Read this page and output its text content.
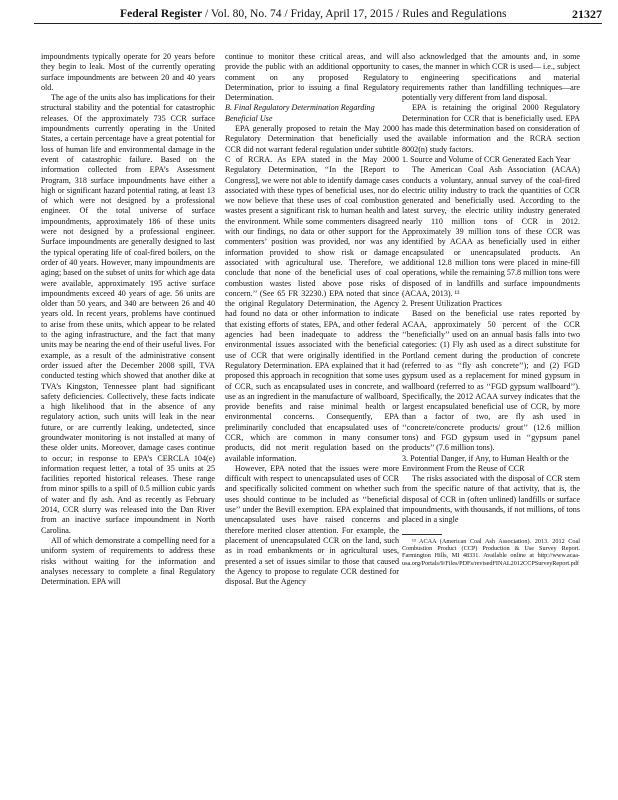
Federal Register / Vol. 80, No. 74 / Friday, April 17, 2015 / Rules and Regulations	21327

impoundments typically operate for 20 years before they begin to leak. Most of the currently operating surface impoundments are between 20 and 40 years old.

The age of the units also has implications for their structural stability and the potential for catastrophic releases. Of the approximately 735 CCR surface impoundments currently operating in the United States, a certain percentage have a great potential for loss of human life and environmental damage in the event of catastrophic failure. Based on the information collected from EPA’s Assessment Program, 318 surface impoundments have either a high or significant hazard potential rating, at least 13 of which were not designed by a professional engineer. Of the total universe of surface impoundments, approximately 186 of these units were not designed by a professional engineer. Surface impoundments are generally designed to last the typical operating life of coal-fired boilers, on the order of 40 years. However, many impoundments are aging; based on the subset of units for which age data were available, approximately 195 active surface impoundments exceed 40 years of age. 56 units are older than 50 years, and 340 are between 26 and 40 years old. In recent years, problems have continued to arise from these units, which appear to be related to the aging infrastructure, and the fact that many units may be nearing the end of their useful lives. For example, as a result of the administrative consent order issued after the December 2008 spill, TVA conducted testing which showed that another dike at TVA’s Kingston, Tennessee plant had significant safety deficiencies. Collectively, these facts indicate a high likelihood that in the absence of any regulatory action, such units will leak in the near future, or are currently leaking, undetected, since groundwater monitoring is not installed at many of these older units. Moreover, damage cases continue to occur; in response to EPA’s CERCLA 104(e) information request letter, a total of 35 units at 25 facilities reported historical releases. These range from minor spills to a spill of 0.5 million cubic yards of water and fly ash. And as recently as February 2014, CCR slurry was released into the Dan River from an inactive surface impoundment in North Carolina.

All of which demonstrate a compelling need for a uniform system of requirements to address these risks without waiting for the information and analyses necessary to complete a final Regulatory Determination. EPA will

continue to monitor these critical areas, and will provide the public with an additional opportunity to comment on any proposed Regulatory Determination, prior to issuing a final Regulatory Determination.

B. Final Regulatory Determination Regarding Beneficial Use

EPA generally proposed to retain the May 2000 Regulatory Determination that beneficially used CCR did not warrant federal regulation under subtitle C of RCRA. As EPA stated in the May 2000 Regulatory Determination, ‘‘In the [Report to Congress], we were not able to identify damage cases associated with these types of beneficial uses, nor do we now believe that these uses of coal combustion wastes present a significant risk to human health and the environment. While some commenters disagreed with our findings, no data or other support for the commenters’ position was provided, nor was any information provided to show risk or damage associated with agricultural use. Therefore, we conclude that none of the beneficial uses of coal combustion wastes listed above pose risks of concern.’’ (See 65 FR 32230.) EPA noted that since the original Regulatory Determination, the Agency had found no data or other information to indicate that existing efforts of states, EPA, and other federal agencies had been inadequate to address the environmental issues associated with the beneficial use of CCR that were originally identified in the Regulatory Determination. EPA explained that it had proposed this approach in recognition that some uses of CCR, such as encapsulated uses in concrete, and use as an ingredient in the manufacture of wallboard, provide benefits and raise minimal health or environmental concerns. Consequently, EPA preliminarily concluded that encapsulated uses of CCR, which are common in many consumer products, did not merit regulation based on the available information.

However, EPA noted that the issues were more difficult with respect to unencapsulated uses of CCR and specifically solicited comment on whether such uses should continue to be included as ‘‘beneficial use’’ under the Bevill exemption. EPA explained that unencapsulated uses have raised concerns and therefore merited closer attention. For example, the placement of unencapsulated CCR on the land, such as in road embankments or in agricultural uses, presented a set of issues similar to those that caused the Agency to propose to regulate CCR destined for disposal. But the Agency

also acknowledged that the amounts and, in some cases, the manner in which CCR is used— i.e., subject to engineering specifications and material requirements rather than landfilling techniques—are potentially very different from land disposal.

EPA is retaining the original 2000 Regulatory Determination for CCR that is beneficially used. EPA has made this determination based on consideration of the available information and the RCRA section 8002(n) study factors.

1. Source and Volume of CCR Generated Each Year

The American Coal Ash Association (ACAA) conducts a voluntary, annual survey of the coal-fired electric utility industry to track the quantities of CCR generated and beneficially used. According to the latest survey, the electric utility industry generated nearly 110 million tons of CCR in 2012. Approximately 39 million tons of these CCR was identified by ACAA as beneficially used in either encapsulated or unencapsulated products. An additional 12.8 million tons were placed in mine-fill operations, while the remaining 57.8 million tons were disposed of in landfills and surface impoundments (ACAA, 2013). ¹³

2. Present Utilization Practices

Based on the beneficial use rates reported by ACAA, approximately 50 percent of the CCR ‘‘beneficially’’ used on an annual basis falls into two categories: (1) Fly ash used as a direct substitute for Portland cement during the production of concrete (referred to as ‘‘fly ash concrete’’); and (2) FGD gypsum used as a replacement for mined gypsum in wallboard (referred to as ‘‘FGD gypsum wallboard’’). Specifically, the 2012 ACAA survey indicates that the largest encapsulated beneficial use of CCR, by more than a factor of two, are fly ash used in ‘‘concrete/concrete products/ grout’’ (12.6 million tons) and FGD gypsum used in ‘‘gypsum panel products’’ (7.6 million tons).

3. Potential Danger, if Any, to Human Health or the Environment From the Reuse of CCR

The risks associated with the disposal of CCR stem from the specific nature of that activity, that is, the disposal of CCR in (often unlined) landfills or surface impoundments, with thousands, if not millions, of tons placed in a single

¹³ ACAA (American Coal Ash Association). 2013. 2012 Coal Combustion Product (CCP) Production & Use Survey Report. Farmington Hills, MI 48331. Available online at http://www.acaa-usa.org/Portals/9/Files/PDFs/revisedFINAL2012CCPSurveyReport.pdf
